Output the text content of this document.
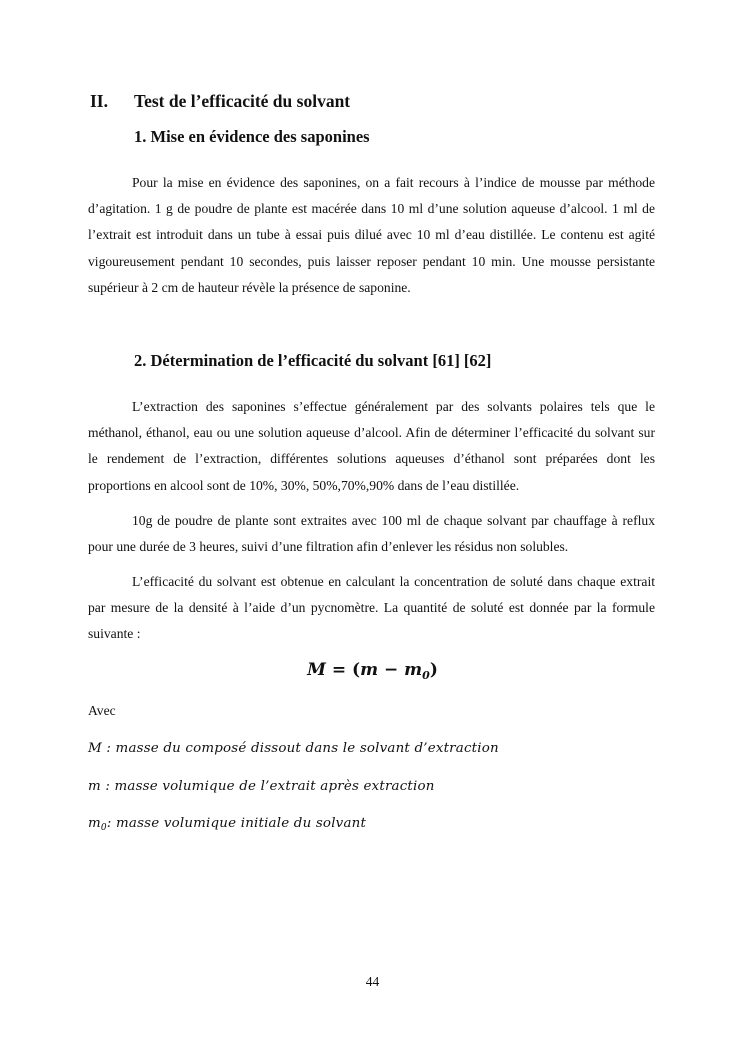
II. Test de l’efficacité du solvant
1. Mise en évidence des saponines

Pour la mise en évidence des saponines, on a fait recours à l’indice de mousse par méthode d’agitation. 1 g de poudre de plante est macérée dans 10 ml d’une solution aqueuse d’alcool. 1 ml de l’extrait est introduit dans un tube à essai puis dilué avec 10 ml d’eau distillée. Le contenu est agité vigoureusement pendant 10 secondes, puis laisser reposer pendant 10 min. Une mousse persistante supérieur à 2 cm de hauteur révèle la présence de saponine.

2. Détermination de l’efficacité du solvant [61] [62]

L’extraction des saponines s’effectue généralement par des solvants polaires tels que le méthanol, éthanol, eau ou une solution aqueuse d’alcool. Afin de déterminer l’efficacité du solvant sur le rendement de l’extraction, différentes solutions aqueuses d’éthanol sont préparées dont les proportions en alcool sont de 10%, 30%, 50%,70%,90% dans de l’eau distillée.

10g de poudre de plante sont extraites avec 100 ml de chaque solvant par chauffage à reflux pour une durée de 3 heures, suivi d’une filtration afin d’enlever les résidus non solubles.

L’efficacité du solvant est obtenue en calculant la concentration de soluté dans chaque extrait par mesure de la densité à l’aide d’un pycnomètre. La quantité de soluté est donnée par la formule suivante :

$M = (m - m_0)$
Avec
M : masse du composé dissout dans le solvant d’extraction
m : masse volumique de l’extrait après extraction
$m_0$: masse volumique initiale du solvant
44
